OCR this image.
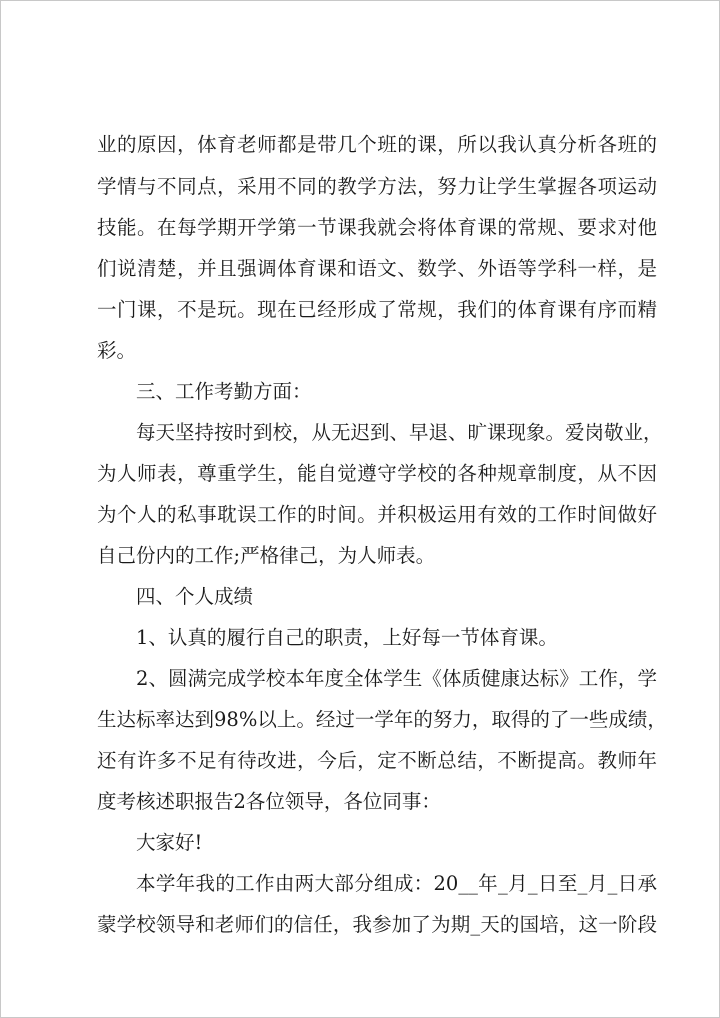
业的原因，体育老师都是带几个班的课，所以我认真分析各班的
学情与不同点，采用不同的教学方法，努力让学生掌握各项运动
技能。在每学期开学第一节课我就会将体育课的常规、要求对他
们说清楚，并且强调体育课和语文、数学、外语等学科一样，是
一门课，不是玩。现在已经形成了常规，我们的体育课有序而精
彩。
三、工作考勤方面：
每天坚持按时到校，从无迟到、早退、旷课现象。爱岗敬业，
为人师表，尊重学生，能自觉遵守学校的各种规章制度，从不因
为个人的私事耽误工作的时间。并积极运用有效的工作时间做好
自己份内的工作;严格律己，为人师表。
四、个人成绩
1、认真的履行自己的职责，上好每一节体育课。
2、圆满完成学校本年度全体学生《体质健康达标》工作，学
生达标率达到98%以上。经过一学年的努力，取得的了一些成绩，
还有许多不足有待改进，今后，定不断总结，不断提高。教师年
度考核述职报告2各位领导，各位同事：
大家好!
本学年我的工作由两大部分组成：20__年_月_日至_月_日承
蒙学校领导和老师们的信任，我参加了为期_天的国培，这一阶段
